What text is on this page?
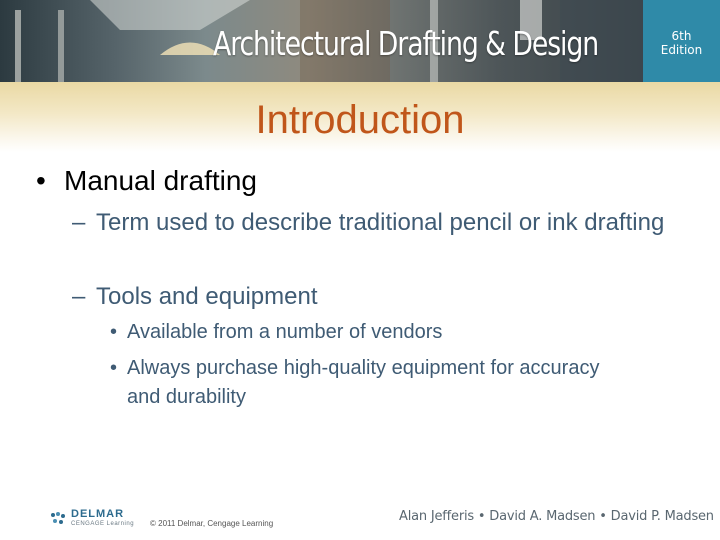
Architectural Drafting & Design	6th
Edition
Introduction
• Manual drafting
– Term used to describe traditional pencil or ink drafting
– Tools and equipment
• Available from a number of vendors
• Always purchase high-quality equipment for accuracy and durability
DELMAR
CENGAGE Learning © 2011 Delmar, Cengage Learning	Alan Jefferis • David A. Madsen • David P. Madsen
